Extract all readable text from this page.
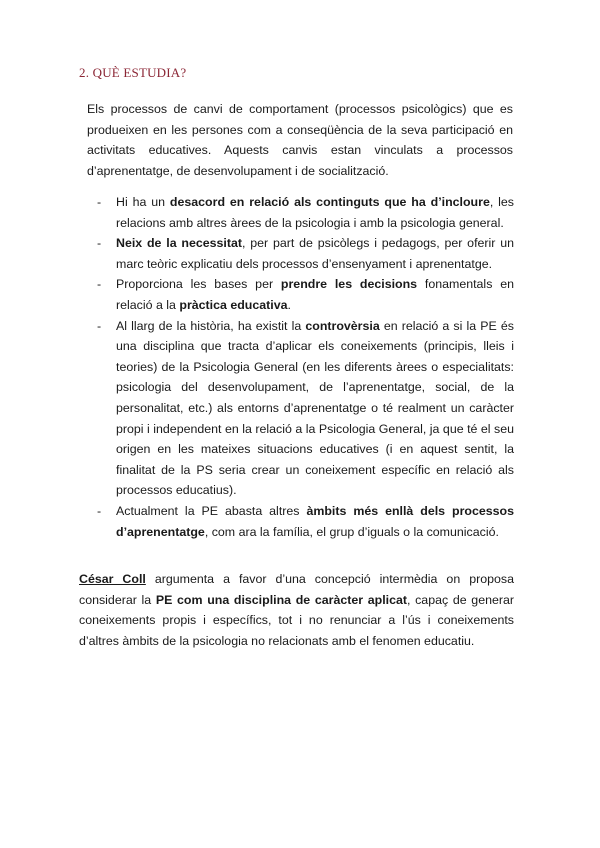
2. QUÈ ESTUDIA?

Els processos de canvi de comportament (processos psicològics) que es produeixen en les persones com a conseqüència de la seva participació en activitats educatives. Aquests canvis estan vinculats a processos d’aprenentatge, de desenvolupament i de socialització.

-	Hi ha un desacord en relació als continguts que ha d’incloure, les relacions amb altres àrees de la psicologia i amb la psicologia general.
-	Neix de la necessitat, per part de psicòlegs i pedagogs, per oferir un marc teòric explicatiu dels processos d’ensenyament i aprenentatge.
-	Proporciona les bases per prendre les decisions fonamentals en relació a la pràctica educativa.
-	Al llarg de la història, ha existit la controvèrsia en relació a si la PE és una disciplina que tracta d’aplicar els coneixements (principis, lleis i teories) de la Psicologia General (en les diferents àrees o especialitats: psicologia del desenvolupament, de l’aprenentatge, social, de la personalitat, etc.) als entorns d’aprenentatge o té realment un caràcter propi i independent en la relació a la Psicologia General, ja que té el seu origen en les mateixes situacions educatives (i en aquest sentit, la finalitat de la PS seria crear un coneixement específic en relació als processos educatius).
-	Actualment la PE abasta altres àmbits més enllà dels processos d’aprenentatge, com ara la família, el grup d’iguals o la comunicació.

César Coll argumenta a favor d’una concepció intermèdia on proposa considerar la PE com una disciplina de caràcter aplicat, capaç de generar coneixements propis i específics, tot i no renunciar a l’ús i coneixements d’altres àmbits de la psicologia no relacionats amb el fenomen educatiu.
